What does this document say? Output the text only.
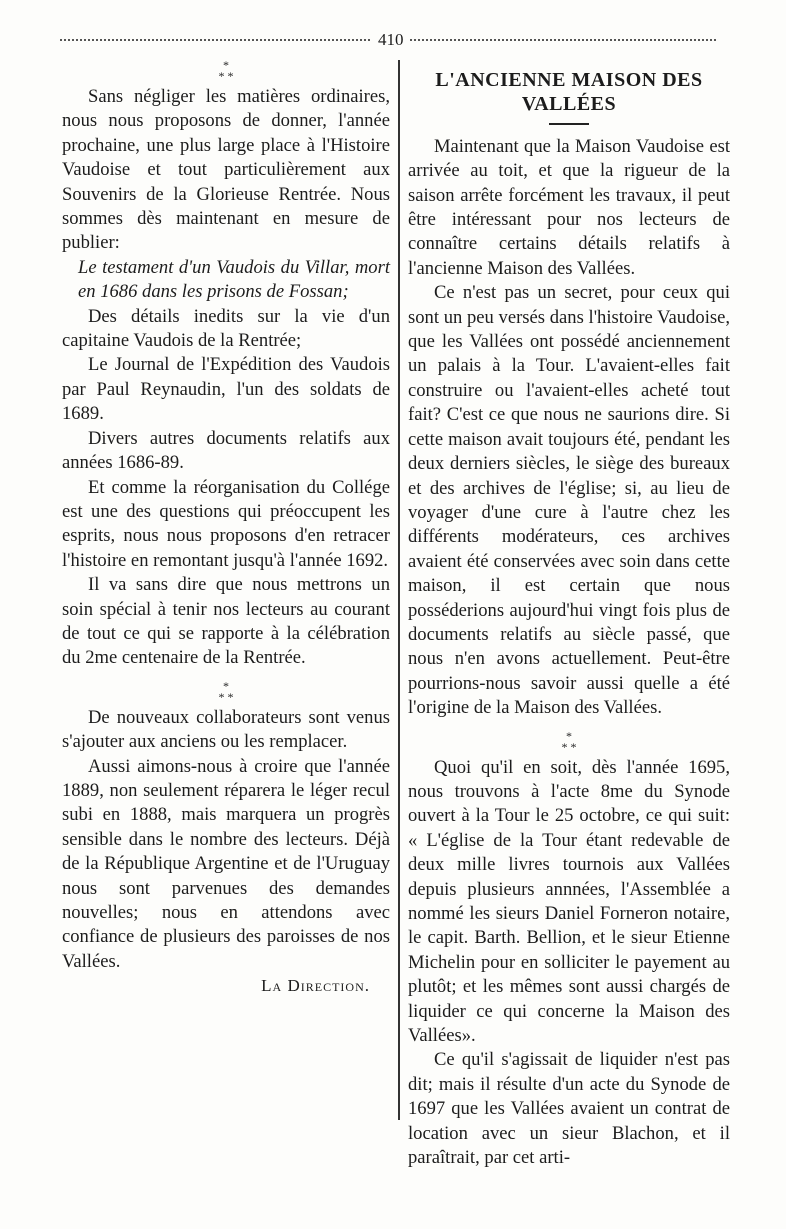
410
*
* *

Sans négliger les matières ordinaires, nous nous proposons de donner, l'année prochaine, une plus large place à l'Histoire Vaudoise et tout particulièrement aux Souvenirs de la Glorieuse Rentrée. Nous sommes dès maintenant en mesure de publier:

Le testament d'un Vaudois du Villar, mort en 1686 dans les prisons de Fossan;

Des détails inedits sur la vie d'un capitaine Vaudois de la Rentrée;

Le Journal de l'Expédition des Vaudois par Paul Reynaudin, l'un des soldats de 1689.

Divers autres documents relatifs aux années 1686-89.

Et comme la réorganisation du Collége est une des questions qui préoccupent les esprits, nous nous proposons d'en retracer l'histoire en remontant jusqu'à l'année 1692.

Il va sans dire que nous mettrons un soin spécial à tenir nos lecteurs au courant de tout ce qui se rapporte à la célébration du 2me centenaire de la Rentrée.

*
* *

De nouveaux collaborateurs sont venus s'ajouter aux anciens ou les remplacer.

Aussi aimons-nous à croire que l'année 1889, non seulement réparera le léger recul subi en 1888, mais marquera un progrès sensible dans le nombre des lecteurs. Déjà de la République Argentine et de l'Uruguay nous sont parvenues des demandes nouvelles; nous en attendons avec confiance de plusieurs des paroisses de nos Vallées.

La Direction.
L'ANCIENNE MAISON DES VALLÉES

Maintenant que la Maison Vaudoise est arrivée au toit, et que la rigueur de la saison arrête forcément les travaux, il peut être intéressant pour nos lecteurs de connaître certains détails relatifs à l'ancienne Maison des Vallées.

Ce n'est pas un secret, pour ceux qui sont un peu versés dans l'histoire Vaudoise, que les Vallées ont possédé anciennement un palais à la Tour. L'avaient-elles fait construire ou l'avaient-elles acheté tout fait? C'est ce que nous ne saurions dire. Si cette maison avait toujours été, pendant les deux derniers siècles, le siège des bureaux et des archives de l'église; si, au lieu de voyager d'une cure à l'autre chez les différents modérateurs, ces archives avaient été conservées avec soin dans cette maison, il est certain que nous posséderions aujourd'hui vingt fois plus de documents relatifs au siècle passé, que nous n'en avons actuellement. Peut-être pourrions-nous savoir aussi quelle a été l'origine de la Maison des Vallées.

*
* *

Quoi qu'il en soit, dès l'année 1695, nous trouvons à l'acte 8me du Synode ouvert à la Tour le 25 octobre, ce qui suit: « L'église de la Tour étant redevable de deux mille livres tournois aux Vallées depuis plusieurs annnées, l'Assemblée a nommé les sieurs Daniel Forneron notaire, le capit. Barth. Bellion, et le sieur Etienne Michelin pour en solliciter le payement au plutôt; et les mêmes sont aussi chargés de liquider ce qui concerne la Maison des Vallées».

Ce qu'il s'agissait de liquider n'est pas dit; mais il résulte d'un acte du Synode de 1697 que les Vallées avaient un contrat de location avec un sieur Blachon, et il paraîtrait, par cet arti-
